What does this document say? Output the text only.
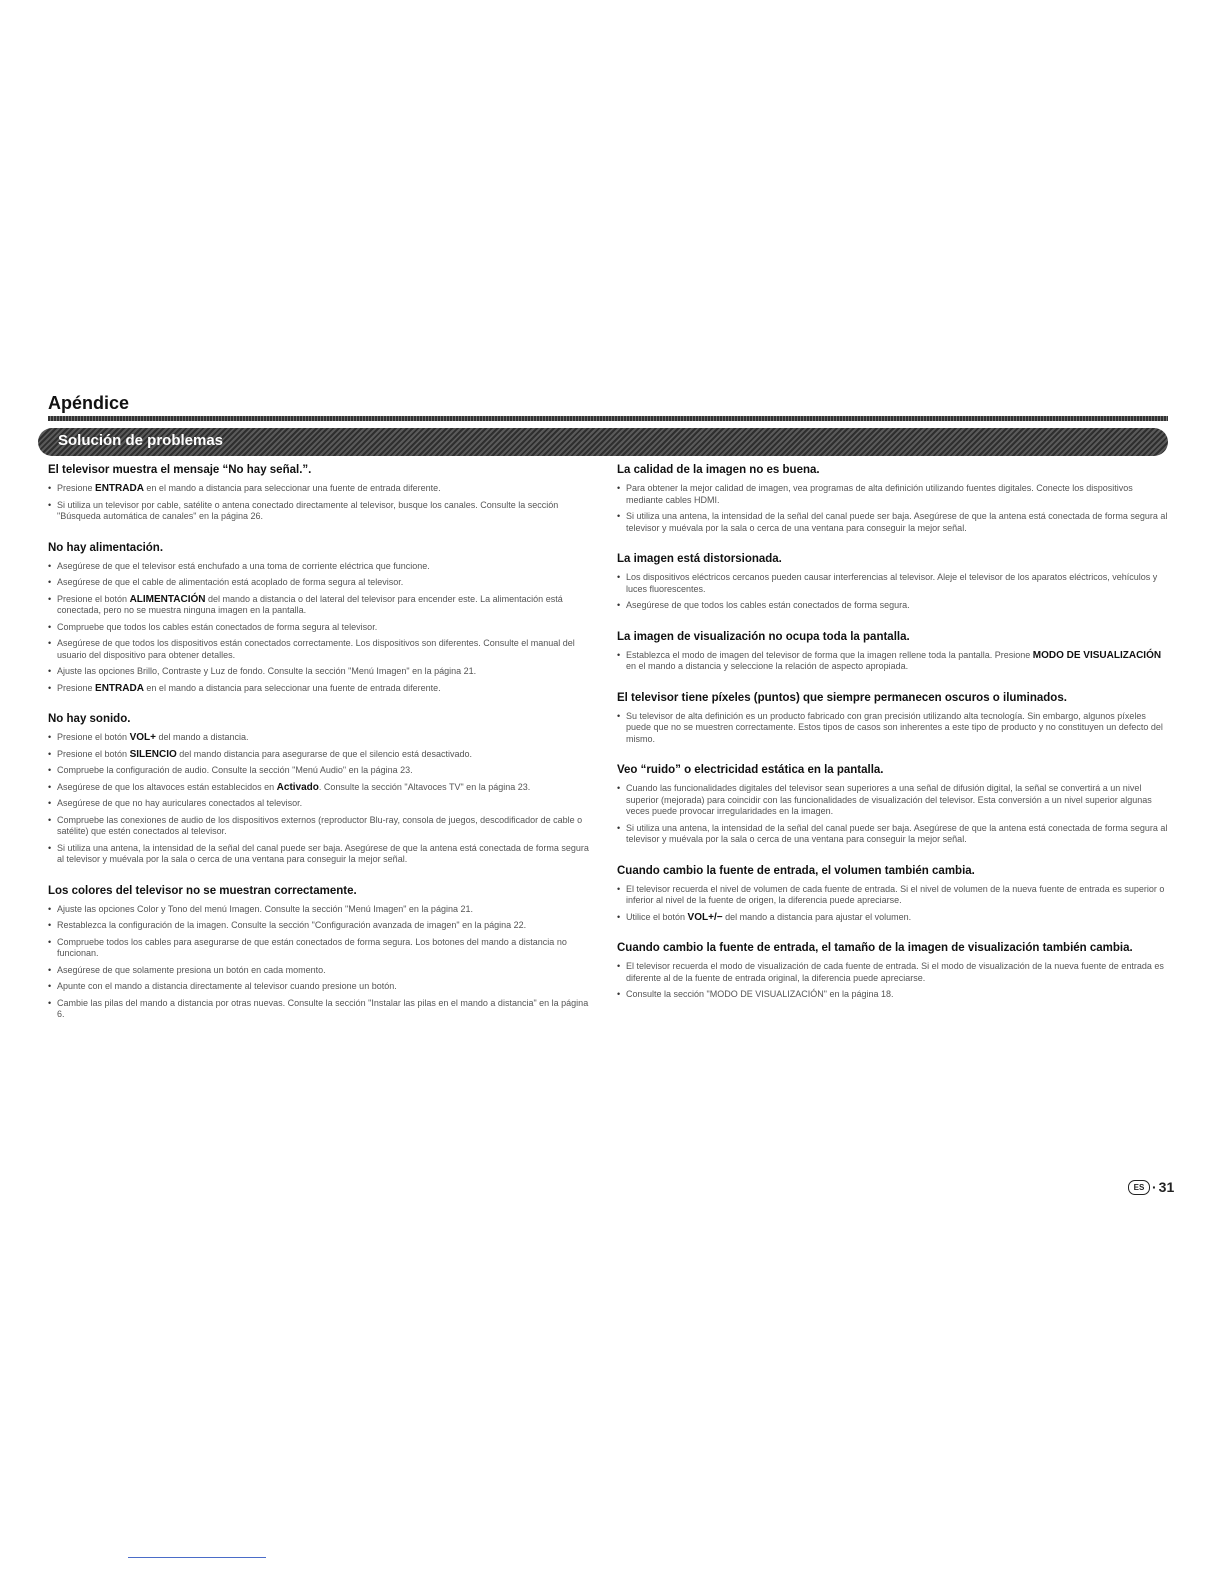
Apéndice
Solución de problemas
El televisor muestra el mensaje “No hay señal.”.
• Presione ENTRADA en el mando a distancia para seleccionar una fuente de entrada diferente.
• Si utiliza un televisor por cable, satélite o antena conectado directamente al televisor, busque los canales. Consulte la sección "Búsqueda automática de canales" en la página 26.
No hay alimentación.
• Asegúrese de que el televisor está enchufado a una toma de corriente eléctrica que funcione.
• Asegúrese de que el cable de alimentación está acoplado de forma segura al televisor.
• Presione el botón ALIMENTACIÓN del mando a distancia o del lateral del televisor para encender este. La alimentación está conectada, pero no se muestra ninguna imagen en la pantalla.
• Compruebe que todos los cables están conectados de forma segura al televisor.
• Asegúrese de que todos los dispositivos están conectados correctamente. Los dispositivos son diferentes. Consulte el manual del usuario del dispositivo para obtener detalles.
• Ajuste las opciones Brillo, Contraste y Luz de fondo. Consulte la sección "Menú Imagen" en la página 21.
• Presione ENTRADA en el mando a distancia para seleccionar una fuente de entrada diferente.
No hay sonido.
• Presione el botón VOL+ del mando a distancia.
• Presione el botón SILENCIO del mando distancia para asegurarse de que el silencio está desactivado.
• Compruebe la configuración de audio. Consulte la sección "Menú Audio" en la página 23.
• Asegúrese de que los altavoces están establecidos en Activado. Consulte la sección "Altavoces TV" en la página 23.
• Asegúrese de que no hay auriculares conectados al televisor.
• Compruebe las conexiones de audio de los dispositivos externos (reproductor Blu-ray, consola de juegos, descodificador de cable o satélite) que estén conectados al televisor.
• Si utiliza una antena, la intensidad de la señal del canal puede ser baja. Asegúrese de que la antena está conectada de forma segura al televisor y muévala por la sala o cerca de una ventana para conseguir la mejor señal.
Los colores del televisor no se muestran correctamente.
• Ajuste las opciones Color y Tono del menú Imagen. Consulte la sección "Menú Imagen" en la página 21.
• Restablezca la configuración de la imagen. Consulte la sección "Configuración avanzada de imagen" en la página 22.
• Compruebe todos los cables para asegurarse de que están conectados de forma segura. Los botones del mando a distancia no funcionan.
• Asegúrese de que solamente presiona un botón en cada momento.
• Apunte con el mando a distancia directamente al televisor cuando presione un botón.
• Cambie las pilas del mando a distancia por otras nuevas. Consulte la sección "Instalar las pilas en el mando a distancia" en la página 6.
La calidad de la imagen no es buena.
• Para obtener la mejor calidad de imagen, vea programas de alta definición utilizando fuentes digitales. Conecte los dispositivos mediante cables HDMI.
• Si utiliza una antena, la intensidad de la señal del canal puede ser baja. Asegúrese de que la antena está conectada de forma segura al televisor y muévala por la sala o cerca de una ventana para conseguir la mejor señal.
La imagen está distorsionada.
• Los dispositivos eléctricos cercanos pueden causar interferencias al televisor. Aleje el televisor de los aparatos eléctricos, vehículos y luces fluorescentes.
• Asegúrese de que todos los cables están conectados de forma segura.
La imagen de visualización no ocupa toda la pantalla.
• Establezca el modo de imagen del televisor de forma que la imagen rellene toda la pantalla. Presione MODO DE VISUALIZACIÓN en el mando a distancia y seleccione la relación de aspecto apropiada.
El televisor tiene píxeles (puntos) que siempre permanecen oscuros o iluminados.
• Su televisor de alta definición es un producto fabricado con gran precisión utilizando alta tecnología. Sin embargo, algunos píxeles puede que no se muestren correctamente. Estos tipos de casos son inherentes a este tipo de producto y no constituyen un defecto del mismo.
Veo “ruido” o electricidad estática en la pantalla.
• Cuando las funcionalidades digitales del televisor sean superiores a una señal de difusión digital, la señal se convertirá a un nivel superior (mejorada) para coincidir con las funcionalidades de visualización del televisor. Esta conversión a un nivel superior algunas veces puede provocar irregularidades en la imagen.
• Si utiliza una antena, la intensidad de la señal del canal puede ser baja. Asegúrese de que la antena está conectada de forma segura al televisor y muévala por la sala o cerca de una ventana para conseguir la mejor señal.
Cuando cambio la fuente de entrada, el volumen también cambia.
• El televisor recuerda el nivel de volumen de cada fuente de entrada. Si el nivel de volumen de la nueva fuente de entrada es superior o inferior al nivel de la fuente de origen, la diferencia puede apreciarse.
• Utilice el botón VOL+/− del mando a distancia para ajustar el volumen.
Cuando cambio la fuente de entrada, el tamaño de la imagen de visualización también cambia.
• El televisor recuerda el modo de visualización de cada fuente de entrada. Si el modo de visualización de la nueva fuente de entrada es diferente al de la fuente de entrada original, la diferencia puede apreciarse.
• Consulte la sección "MODO DE VISUALIZACIÓN" en la página 18.
ES · 31
